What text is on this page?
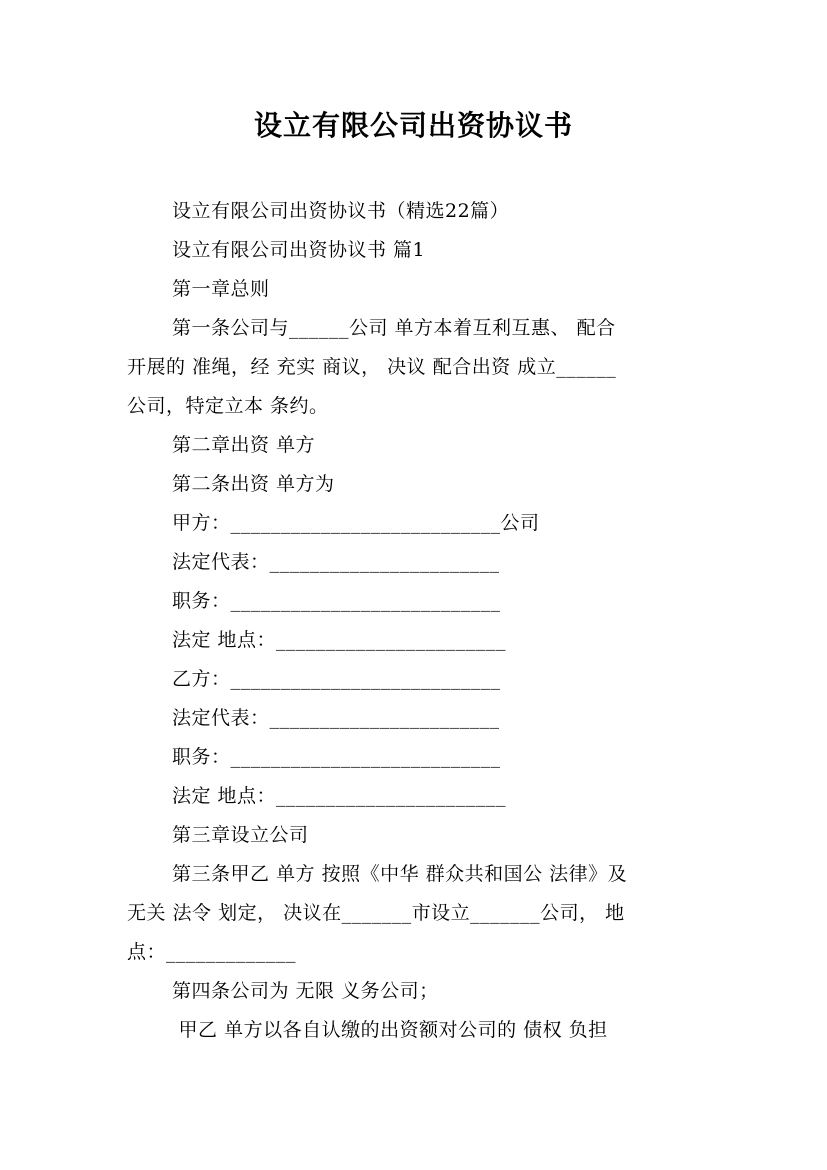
设立有限公司出资协议书
设立有限公司出资协议书（精选22篇）
设立有限公司出资协议书 篇1
第一章总则
第一条公司与______公司 单方本着互利互惠、 配合
开展的 准绳，经 充实 商议， 决议 配合出资 成立______
公司，特定立本 条约。
第二章出资 单方
第二条出资 单方为
甲方：___________________________公司
法定代表：_______________________
职务：___________________________
法定 地点：_______________________
乙方：___________________________
法定代表：_______________________
职务：___________________________
法定 地点：_______________________
第三章设立公司
第三条甲乙 单方 按照《中华 群众共和国公 法律》及
无关 法令 划定， 决议在_______市设立_______公司， 地
点：_____________
第四条公司为 无限 义务公司；
甲乙 单方以各自认缴的出资额对公司的 债权 负担
